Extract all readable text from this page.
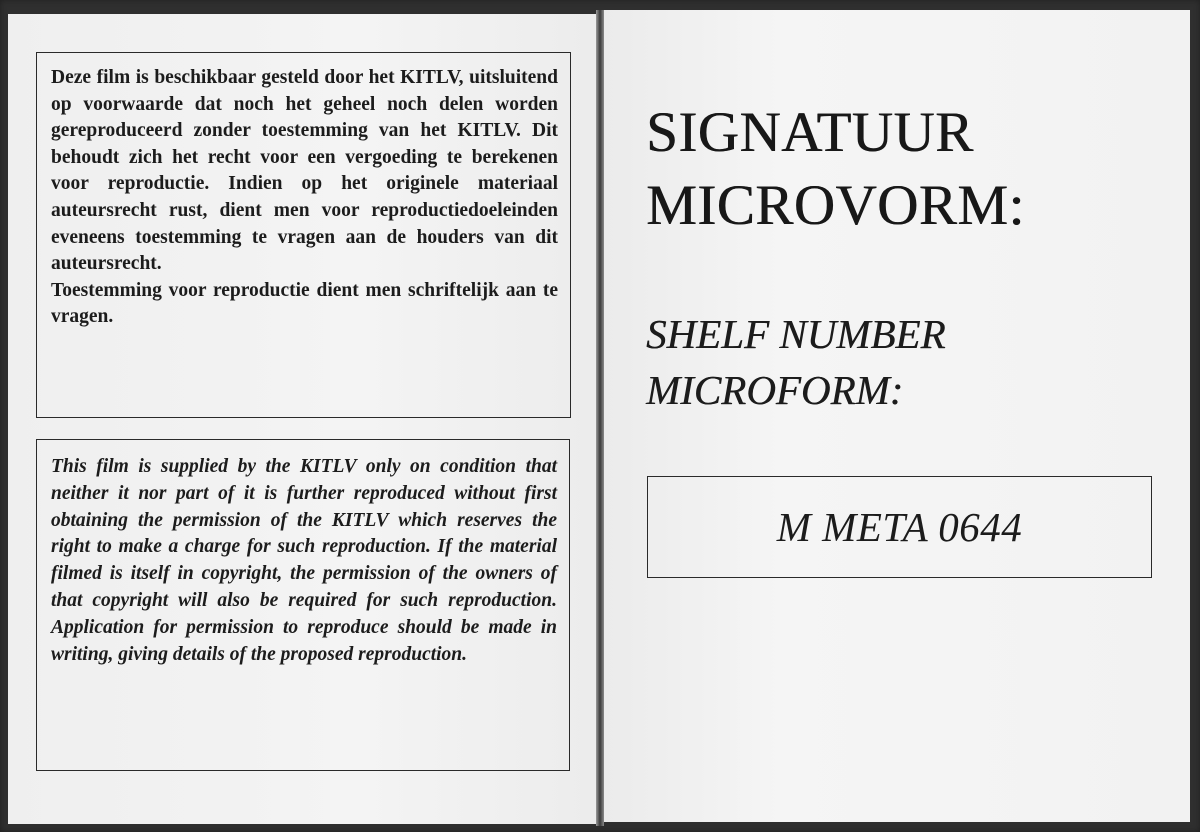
Deze film is beschikbaar gesteld door het KITLV, uitsluitend op voorwaarde dat noch het geheel noch delen worden gereproduceerd zonder toestemming van het KITLV. Dit behoudt zich het recht voor een vergoeding te berekenen voor reproductie. Indien op het originele materiaal auteursrecht rust, dient men voor reproductiedoeleinden eveneens toestemming te vragen aan de houders van dit auteursrecht.

Toestemming voor reproductie dient men schriftelijk aan te vragen.

This film is supplied by the KITLV only on condition that neither it nor part of it is further reproduced without first obtaining the permission of the KITLV which reserves the right to make a charge for such reproduction. If the material filmed is itself in copyright, the permission of the owners of that copyright will also be required for such reproduction. Application for permission to reproduce should be made in writing, giving details of the proposed reproduction.

SIGNATUUR
MICROVORM:
SHELF NUMBER
MICROFORM:
M META 0644
